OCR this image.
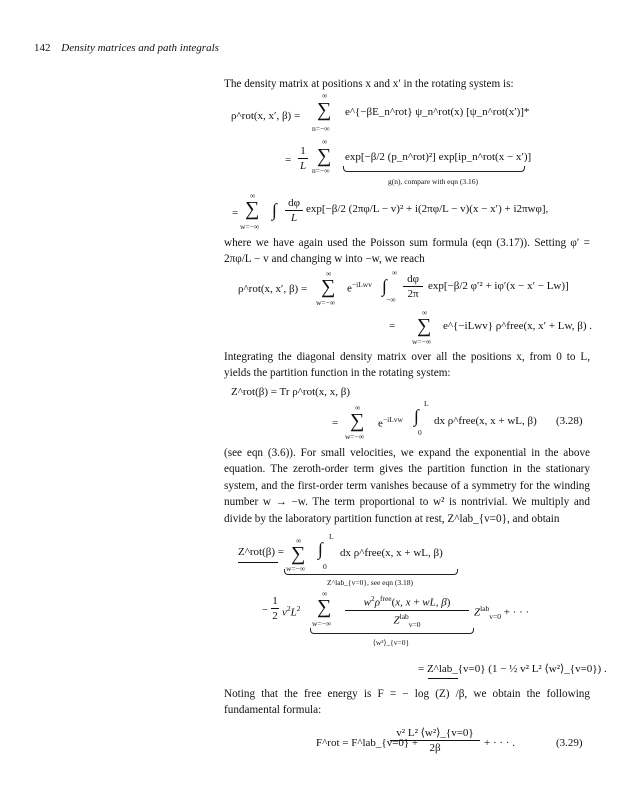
142 Density matrices and path integrals
The density matrix at positions x and x′ in the rotating system is:
ρ^rot(x, x′, β) =
∞
∑
n=−∞
e^{−βE_n^rot} ψ_n^rot(x) [ψ_n^rot(x′)]*
=
1
L
∞
∑
n=−∞
exp[−β/2 (p_n^rot)²] exp[ip_n^rot(x − x′)]
g(n), compare with eqn (3.16)
=
∞
∑
w=−∞
∫ dφ
L
exp[−β/2 (2πφ/L − v)² + i(2πφ/L − v)(x − x′) + i2πwφ],
where we have again used the Poisson sum formula (eqn (3.17)). Setting φ′ = 2πφ/L − v and changing w into −w, we reach
ρ^rot(x, x′, β) =
∞
∑
w=−∞
$e^{-iLwv}$ ∫
∞
−∞
dφ
2π
exp[−β/2 φ′² + iφ′(x − x′ − Lw)]
=
∞
∑
w=−∞
e^{−iLwv} ρ^free(x, x′ + Lw, β) .
Integrating the diagonal density matrix over all the positions x, from 0 to L, yields the partition function in the rotating system:
Z^rot(β) = Tr ρ^rot(x, x, β)
=
∞
∑
w=−∞
$e^{-iLvw}$ ∫
L
0
dx ρ^free(x, x + wL, β) (3.28)
(see eqn (3.6)). For small velocities, we expand the exponential in the above equation. The zeroth-order term gives the partition function in the stationary system, and the first-order term vanishes because of a symmetry for the winding number w → −w. The term proportional to w² is nontrivial. We multiply and divide by the laboratory partition function at rest, Z^lab_{v=0}, and obtain
Z^rot(β) =
∞
∑
w=−∞
∫
L
0
dx ρ^free(x, x + wL, β)
Z^lab_{v=0}, see eqn (3.18)
−
1
2 $v^2L^2$
∞
∑
w=−∞
$w^2\rho^{free}(x$, x + wL, β)
$Z^{lab}_{v=0}$
$Z^{lab}_{v=0}$ + · · ·
⟨w²⟩_{v=0}
= Z^lab_{v=0} (1 − ½ v² L² ⟨w²⟩_{v=0}) .
Noting that the free energy is F = − log (Z) /β, we obtain the following fundamental formula:
F^rot = F^lab_{v=0} +
v² L² ⟨w²⟩_{v=0}
2β	+ · · · .	(3.29)
